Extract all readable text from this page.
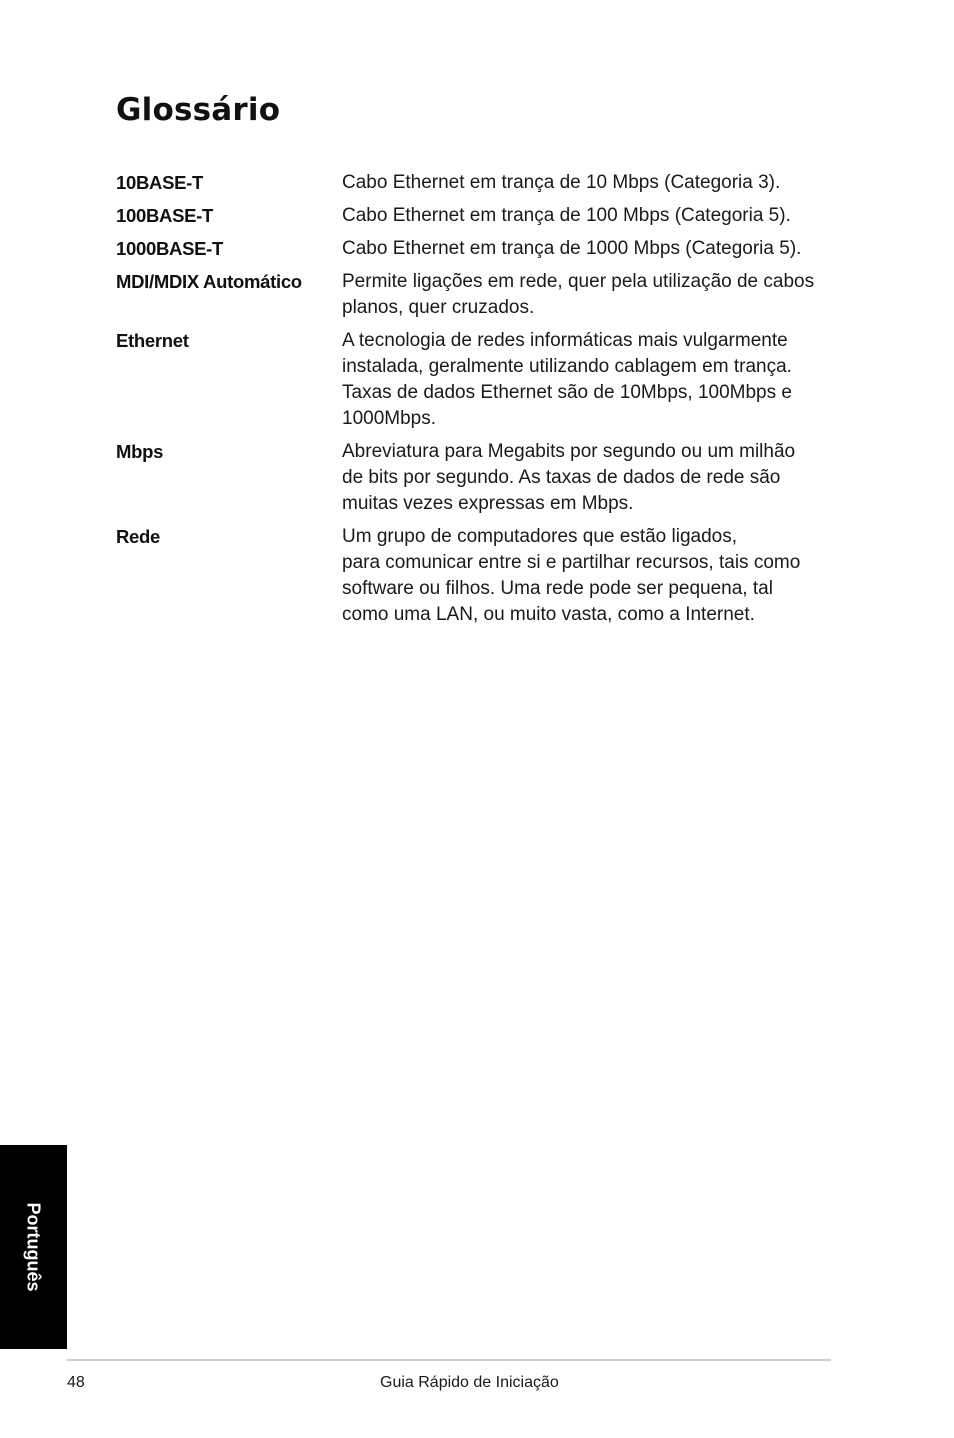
Glossário
10BASE-T	Cabo Ethernet em trança de 10 Mbps (Categoria 3).
100BASE-T	Cabo Ethernet em trança de 100 Mbps (Categoria 5).
1000BASE-T	Cabo Ethernet em trança de 1000 Mbps (Categoria 5).
MDI/MDIX Automático	Permite ligações em rede, quer pela utilização de cabos
planos, quer cruzados.
Ethernet	A tecnologia de redes informáticas mais vulgarmente
instalada, geralmente utilizando cablagem em trança.
Taxas de dados Ethernet são de 10Mbps, 100Mbps e
1000Mbps.
Mbps	Abreviatura para Megabits por segundo ou um milhão
de bits por segundo. As taxas de dados de rede são
muitas vezes expressas em Mbps.
Rede	Um grupo de computadores que estão ligados,
para comunicar entre si e partilhar recursos, tais como
software ou filhos. Uma rede pode ser pequena, tal
como uma LAN, ou muito vasta, como a Internet.
Português
48	Guia Rápido de Iniciação
